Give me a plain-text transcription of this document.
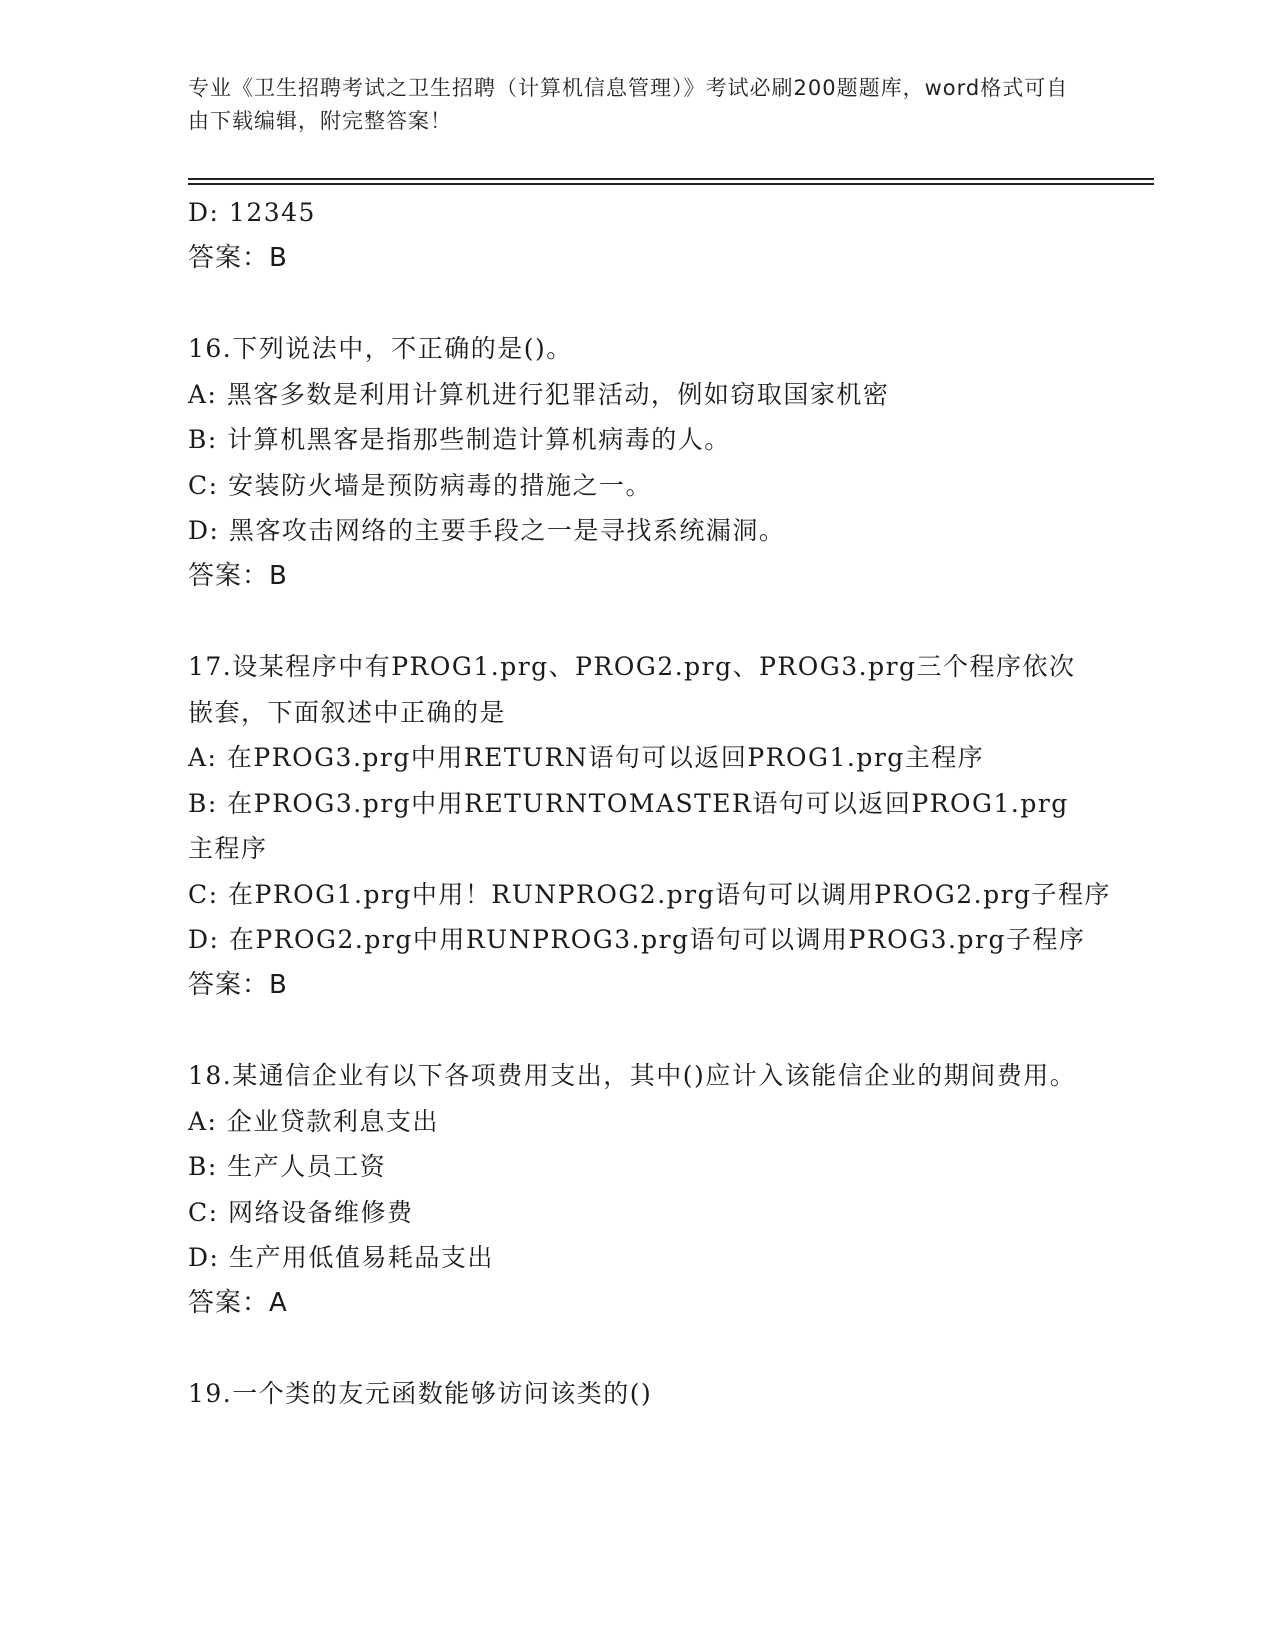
专业《卫生招聘考试之卫生招聘（计算机信息管理）》考试必刷200题题库，word格式可自由下载编辑，附完整答案！
D: 12345
答案：B
16.下列说法中，不正确的是()。
A: 黑客多数是利用计算机进行犯罪活动，例如窃取国家机密
B: 计算机黑客是指那些制造计算机病毒的人。
C: 安装防火墙是预防病毒的措施之一。
D: 黑客攻击网络的主要手段之一是寻找系统漏洞。
答案：B
17.设某程序中有PROG1.prg、PROG2.prg、PROG3.prg三个程序依次嵌套，下面叙述中正确的是
A: 在PROG3.prg中用RETURN语句可以返回PROG1.prg主程序
B: 在PROG3.prg中用RETURNTOMASTER语句可以返回PROG1.prg主程序
C: 在PROG1.prg中用！RUNPROG2.prg语句可以调用PROG2.prg子程序
D: 在PROG2.prg中用RUNPROG3.prg语句可以调用PROG3.prg子程序
答案：B
18.某通信企业有以下各项费用支出，其中()应计入该能信企业的期间费用。
A: 企业贷款利息支出
B: 生产人员工资
C: 网络设备维修费
D: 生产用低值易耗品支出
答案：A
19.一个类的友元函数能够访问该类的()
